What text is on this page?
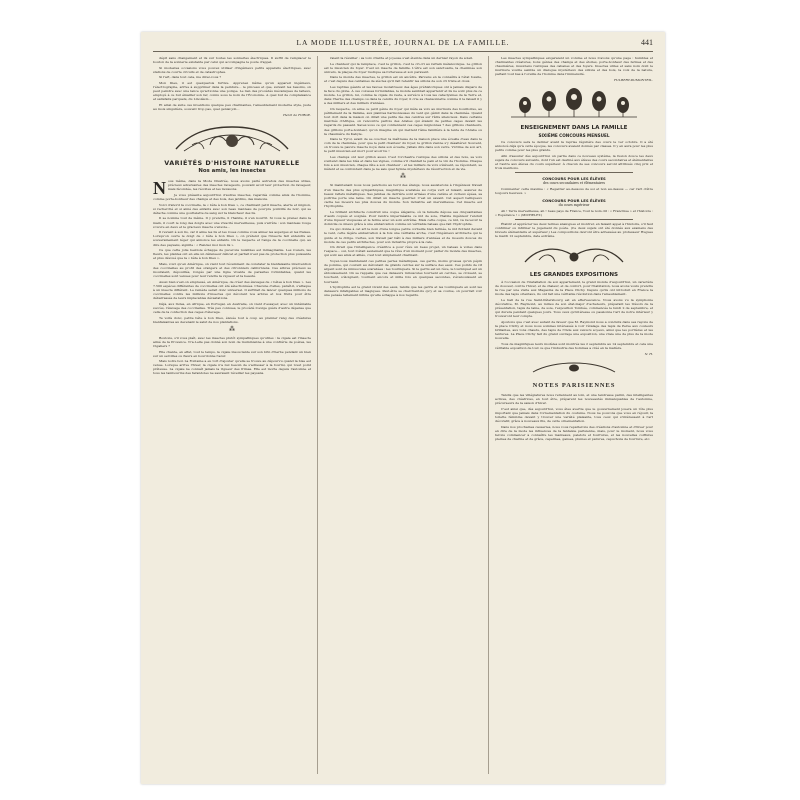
LA MODE ILLUSTRÉE, JOURNAL DE LA FAMILLE.	441

dépit sans changement et ils sur toutes les sonneries électriques. Il suffit de remplacer le bouton de la sonnerie existante par celui qui accompagne le poste d'appel.

Si modestes occasions vous pouvez utiliser d'ingénieux petits appareils électriques, avec stations de courte circuits et de catastrophes.

Si l'art, dans tout cela, me direz-vous ?

Mon Dieu, il est quelquefois furtive. Apprenez même qu'un appareil ingénieux, l'électrographe, arrive à supprimer dans la peinture… le pinceau et que, suivant les besoins, on peut peindre avec une lance qu'actionne une pompe. Le lien des procédés mécaniques de laiteux, employé à ce but émailler son fer, connu sous le nom de l'Économie. A quel but de complaisance et satisfaits parquets, du Linoléum…

Et ainsi de suite ces inventions quelque peu charmantes, l'ameublement moderne style, juste au mois singulière, souvent trop pas, quel genial joli…

Henri de FORGE.
VARIÉTÉS D'HISTOIRE NATURELLE
Nos amis, les insectes

Nous même, dans la Mode Illustrée, nous avons parlé autrefois des insectes utiles, précieux adversaires des insectes ravageurs, pouvant avoir leur protection du ravageur, mais fécondée, les récoltes et les moissons.

Je vous présente aujourd'hui d'autres insectes, regardés comme amis de l'homme, comme porte-bonheur des champs et des bois, des jardins, des maisons.

Voici d'abord la coccinelle, la « bête à bon Dieu », ce charmant petit insecte, alerte et mignon, si recherché et si aimé des enfants avec son beau manteau de pourpre pointillé de noir, qui se détache comme une gouttelette de sang sur la blancheur des lis.

Il se nomme tout de même. Il y prendre, il l'habite, il s'en nourrit. Si vous le prenez dans la main, il court le long des doigts avec une vivacité merveilleuse, puis s'arrête : son manteau rouge s'ouvre en deux et le gracieux insecte s'envole…

Il revient à son lis, car il aime les lis et les roses comme vous aimez les asperges et les fraises. Lorsqu'on ouvre le doigt de « bête à bon Dieu », on prétend que l'insecte fait entendre au souverainement léger qui annonce les enfants. On le respecte et l'ange de la coccinelle qui, au dire des paysans, signifie : « Rendez moi mon lis ».

Ce que cette jolie bestiole échappe de pucerons nuisibles est inimaginable. Les rosiers, les fleurs, les plantes ont en elle un défenseur délicat et parfait n'est pas de protection plus puissante et plus dévoué que la « bête à bon Dieu ».

Mais, voici qu'en Amérique, on vient tout récemment de constater la bienfaisante intervention des coccinelles au profit des orangers et des citronniers californiens. Ces arbres précieux se mouraient, dépouillés, rongés par une ligne vivante de parasites formidables, quand les coccinelles sont venues pour leur rendre la vigueur et la beauté.

Aussi bien s'est-on empressé, en Amérique, de créer des élevages de « bêtes à bon Dieu ». Les 7.500 espèces différentes de coccinelles ont été sélectionnées. Chacune d'elles, paraît-il, s'attaque à un insecte différent. Le remède serait donc universel. Il suffirait de lancer quelques millions de coccinelles contre les millions d'insectes qui dévorent nos arbres et nos fruits pour être débarrassés de leurs implacables dévastations.

Déjà, aux Indes, en Afrique, en Portugal, en Australie, on vient d'essayer, avec un indéniable succès, l'élevage des coccinelles. Très peu connues, le procédé n'exige guère d'autre dépense que celle de la confection des cages d'élevage.

Te voilà donc, petite bête à bon Dieu, élevée tout à coup au premier rang des créatures bienfaisantes au devenant le salut de nos plantations.

⁂

Boutons, s'il vous plaît, avec les insectes plutôt sympathiques qu'utiles : la cigale est l'insecte aimé de la Provence. N'a-t-elle pas donné son nom de muminienne à une confrérie de poètes, les Cigaliers ?

Elle chante, en effet, tout le temps, la cigale insouciante sur son brin d'herbe pendant un bien sur un servilles ou fleurs en bourdonne l'azur.

Mais notre bon La Fontaine a eu tort d'ajouter qu'elle se trouve au dépourvu quand la bise est venue. Lorsque arrive l'hiver, la cigale n'a nul besoin de s'adresser à la fourmi, qui n'est point prêteuse. La cigale ne connaît jamais la rigueur des frimas. Elle est morte depuis l'automne et tous les tambourins des farandoles ne sauraient réveiller les paysans.

raient la réveiller ; sa voix criarde et joyeuse s'est éteinte dans un dernier rayon de soleil.

Le chanteur qui la remplace, c'est le grillon, c'est le cri-cri au refrain mélancolique. Le grillon est le musicien du foyer. C'est un insecte de famille. L'être est son sanctuaire, la cheminée son univers, la plaque du foyer rustique sa forteresse et son paravent.

Dans le monde des insectes, le grillon est un ancêtre. Parvenu en la connaître à l'état fossile, et c'est depuis des centaines de siècles qu'il fait retentir les sillons de son cri triste et doux.

Les reptiles géants et les fauves monstrueux des âges préhistoriques ont à jamais disparu de la face du globe. À ces colosses formidables, le monde semblait appartenir et ils ne sont plus de ce monde. Le grillon, lui, comme la cigale du reste, a survécu à tous les cataclysmes de la Terre et, dans l'herbe des champs ou dans la cendre du foyer, il crie sa chansonnette comme il le faisait il y a des milliers et des milliers d'années.

On respecte, on aime ce petit génie du foyer qui mêle sa voix au murmure des bouilloires, au pétillement de la flamme, aux plaintes harmonieuses du vent qui gémit dans la cheminée. Quand tout dort dans la maison on dirait une petite fée des cendres sur l'âtre silencieux. Dans certains marchés d'Afrique, on rencontre parfois des Arabes qui étalent de petites cages devant les regards du passant. Savez-vous ce qui contiennent ces cages mignonnes ? des grillons chanteurs, des grillons porte-bonheur, qu'on imagine un qui mettent l'âme familière à la tente de l'Arabe ou la chaumière du Kabyle.

Dans le Tyrol, avant de se coucher, la maîtresse de la maison place une écuelle d'eau dans le coin de la cheminée, pour que le petit chanteur du foyer, le grillon vienne s'y désaltérer. Souvent, on trouve le pauvre insecte noyé dans son écuelle, j'allais dire dans son verre. Victime de son art, le petit musicien est mort pour avoir bu !

Les champs ont leur grillon aussi. C'est l'orchestre rustique des sillons et des bois, sa voix s'entend dans les blés et dans les vignes, comme s'il chantait le pain et le vin de l'homme. Chaque fois a son musicien, chaque fête a son chanteur ; et les milliers de voix s'élèvent, se répondent, se mêlent et se confondent dans je ne sais quel hymne mystérieux de résurrection et de vie.

⁂

Si maintenant nous nous penchons au bord des étangs, nous assisterons à l'ingénieux travail d'un insecte des plus sympathiques, magnifique scarabée au corps vert et luisant, assurez de beaux reflets métalliques. Ses jambes de derrière sont armées d'une carène et curieux épées, sa poitrine porte une lame. On dirait un insecte guerrier. C'est un savant. Cet aspect belliqueux cache les moeurs les plus douces du monde. Son industrie est merveilleuse. Cet insecte est l'hydrophile.

Le brillant architecte construit une coque élégante, où la femelle dépose ses cinquantaines d'œufs coqués et soignés. Pour rendre imperméable ce nid de soie, l'habile ingénieur l'enduit d'une liqueur visqueuse et le ferme avec un soin extrême. Mais cette coque, ce nid, va recevoir la domicile ou mieux grâce à une embarcation comme un véritable bateau que fait l'hydrophile.

Ce qui donne à cet art le nom d'une longue petite corbeille bien fermée, le nid flottant devant le vent, cette légère embarcation à la fois une véritable arche, c'est l'ingénieux architecte qui le guide et le dirige. Certes, son travail par bâti à des milliers d'années et de moeurs douces du monde de ces petits architectes, pour son industrie propre à la cale.

On dirait que l'intelligence créatrice a pour rêve un beau projet, un bateau à voiles dans l'espace… oui, tout n'était seulement que le rêve d'un moment pour parler du monde des insectes, qui sont ses amis et alliés, c'est tout simplement charmant.

Voyez-vous maintenant ces petites perles métalliques, ces gerris, moins grosses qu'un pépin de pomme, qui courent au déroulant de grands cercles sur la surface des eaux. Ces points de vif argent sont de minuscules scarabées : les tourniquets. Si le gerris est un rêve, le tourniquet est un éblouissement. On se rappelle que ces danseurs minuscules tournent en cercles, se croisent, se touchent, s'éloignent, tournent encore et mille fois en quelques secondes, s'évanouissent en tournant.

L'hydrophile est le grand vivant des eaux, tandis que les gerris et les tourniquets en sont les danseurs infatigables et magiques. Peut-être se cherchent-ils qu'y et sa course, on pourrait voir une pensée tellement infinie qu'elle échappe à nos regards.

Les insectes sympathiques exigeraient un volume et nous n'avons qu'une page : humbles et charmantes créatures, bons génies des champs et des étoiles, porte-bonheur des fermes et des chaumières, musiciens rustiques des cabanes et des foyers. Insectes utiles et sans nom dont le murmure vouille semble un dialogue mystérieux des sillons et des bois, la voix de la nature, parlant tout bas à l'oreille de l'homme dans l'immensité.

FULBERT-DUMONTEIL.
ENSEIGNEMENT DANS LA FAMILLE
SIXIÈME CONCOURS MENSUEL

Ce concours sera le dernier avant la reprise régulière des cours le 1er octobre. Il a été annoncé déjà qu'à cette époque, les concours avaient donnés par classes. Il y en aura pour les plus petits comme pour les plus grands.

Afin d'assurer dès aujourd'hui un partie dans ce nouveau système, la fusion douce les deux sujets de concours suivants, dont l'un est destiné aux élèves des cours secondaires et élémentaires et l'autre aux élèves du cours supérieur. À chacun de ses concours seront attribués cinq prix et trois mentions.

CONCOURS POUR LES ÉLÈVES
des cours secondaires et élémentaires

Commenter cette maxime : « Regarder au-dessous de soi et non au-dessus — car l'art d'être toujours heureux. »

CONCOURS POUR LES ÉLÈVES
du cours supérieur

Ah ! Terre merveilleuse, ah ! beau pays de France, Tout le nom dit : « Franchise » et l'histoire : « Espérance ! » (MICHELET.)

Établir et apprécier les deux termes analogues et montrer, en faisant appel à l'histoire, s'il faut confirmer ou infirmer le jugement du poète. (Ce deux sujets ont été donnés aux examens des brevets élémentaire et supérieur.) Les compositions devront être adressées au professeur Hugues le mardi 12 septembre, date extrême.

LES GRANDES EXPOSITIONS

À l'occasion de l'installation de son appartement, le grand monde d'aujourd'hui, un caractère de douceur, contre l'hiver, et de chaleur, et de confort, pour l'habitation, nous avons voulu prendre la rue par une visite aux Magasins de la Place Clichy. Depuis qu'ils ont introduit en France la mode des tapis orientaux, ils ont fait une véritable révolution dans l'ameublement.

Le hall de la rue Saint-Pétersbourg est en effervescence. Nous avons vu la symphonie décorative, M. Raymond, au milieu de son état-major d'acheteurs, préparant les trésors de la présentation, tapis de laine, de soie, l'exposition Tombée, commencée le lundi 2 de septembre, et qui durera pendant quelques jours. Tous ceux qu'intéresse ou passionne l'art de notre intérieur y trouveront leur compte.

Ajoutons que c'est avec autant de faveur que M. Raymond nous a conduits dans ses rayons de la place Clichy et nous nous sommes intéressés à voir l'étalage des tapis de Perse aux couleurs brillantes, aux tons chauds, des tapis de l'Inde aux velours soyeux, ainsi que les portières et les tentures. La Place Clichy fait du grand ouvrage une exposition, une vraie une de plus de la mode nouvelle.

Tous de magnifiques leurs modèles sont montrés les 2 septembre au 14 septembre et cela une véritable exposition de tout ce que l'industrie des hommes a créé en la matière.

N. H.
NOTES PARISIENNES

Tandis que les villégiatures nous retiennent au loin, et une tendresse parmi, des intelligentes actives, des créatrices, en tout être, préparent les nouveautés immanquables de l'automne, précurseurs de la saison d'hiver.

C'est ainsi que, dès aujourd'hui, vous êtes avertie que le gouvernement jouera un rôle plus important que jamais dans l'ornementation du costume. Nous ne pouvons que vous en réjouir, la toilette féminine devant y trouver une variété plaisante, tous ceux qui s'intéressent à l'art décoratif, grâce à nouveaux fils, de cette ornementation.

Dans nos prochaines causeries, nous vous reparlerons des créations d'automne et d'hiver pour en dire de la mode les influences de la fantaisie parisienne, mais, pour le moment, nous vous ferons commencer à connaître les manteaux, paletots et fourrures, et les nouvelles coiffures pleines de charme et de grâce, capelines, ganses, plumes et parures, capuchons de fourrure, etc.
